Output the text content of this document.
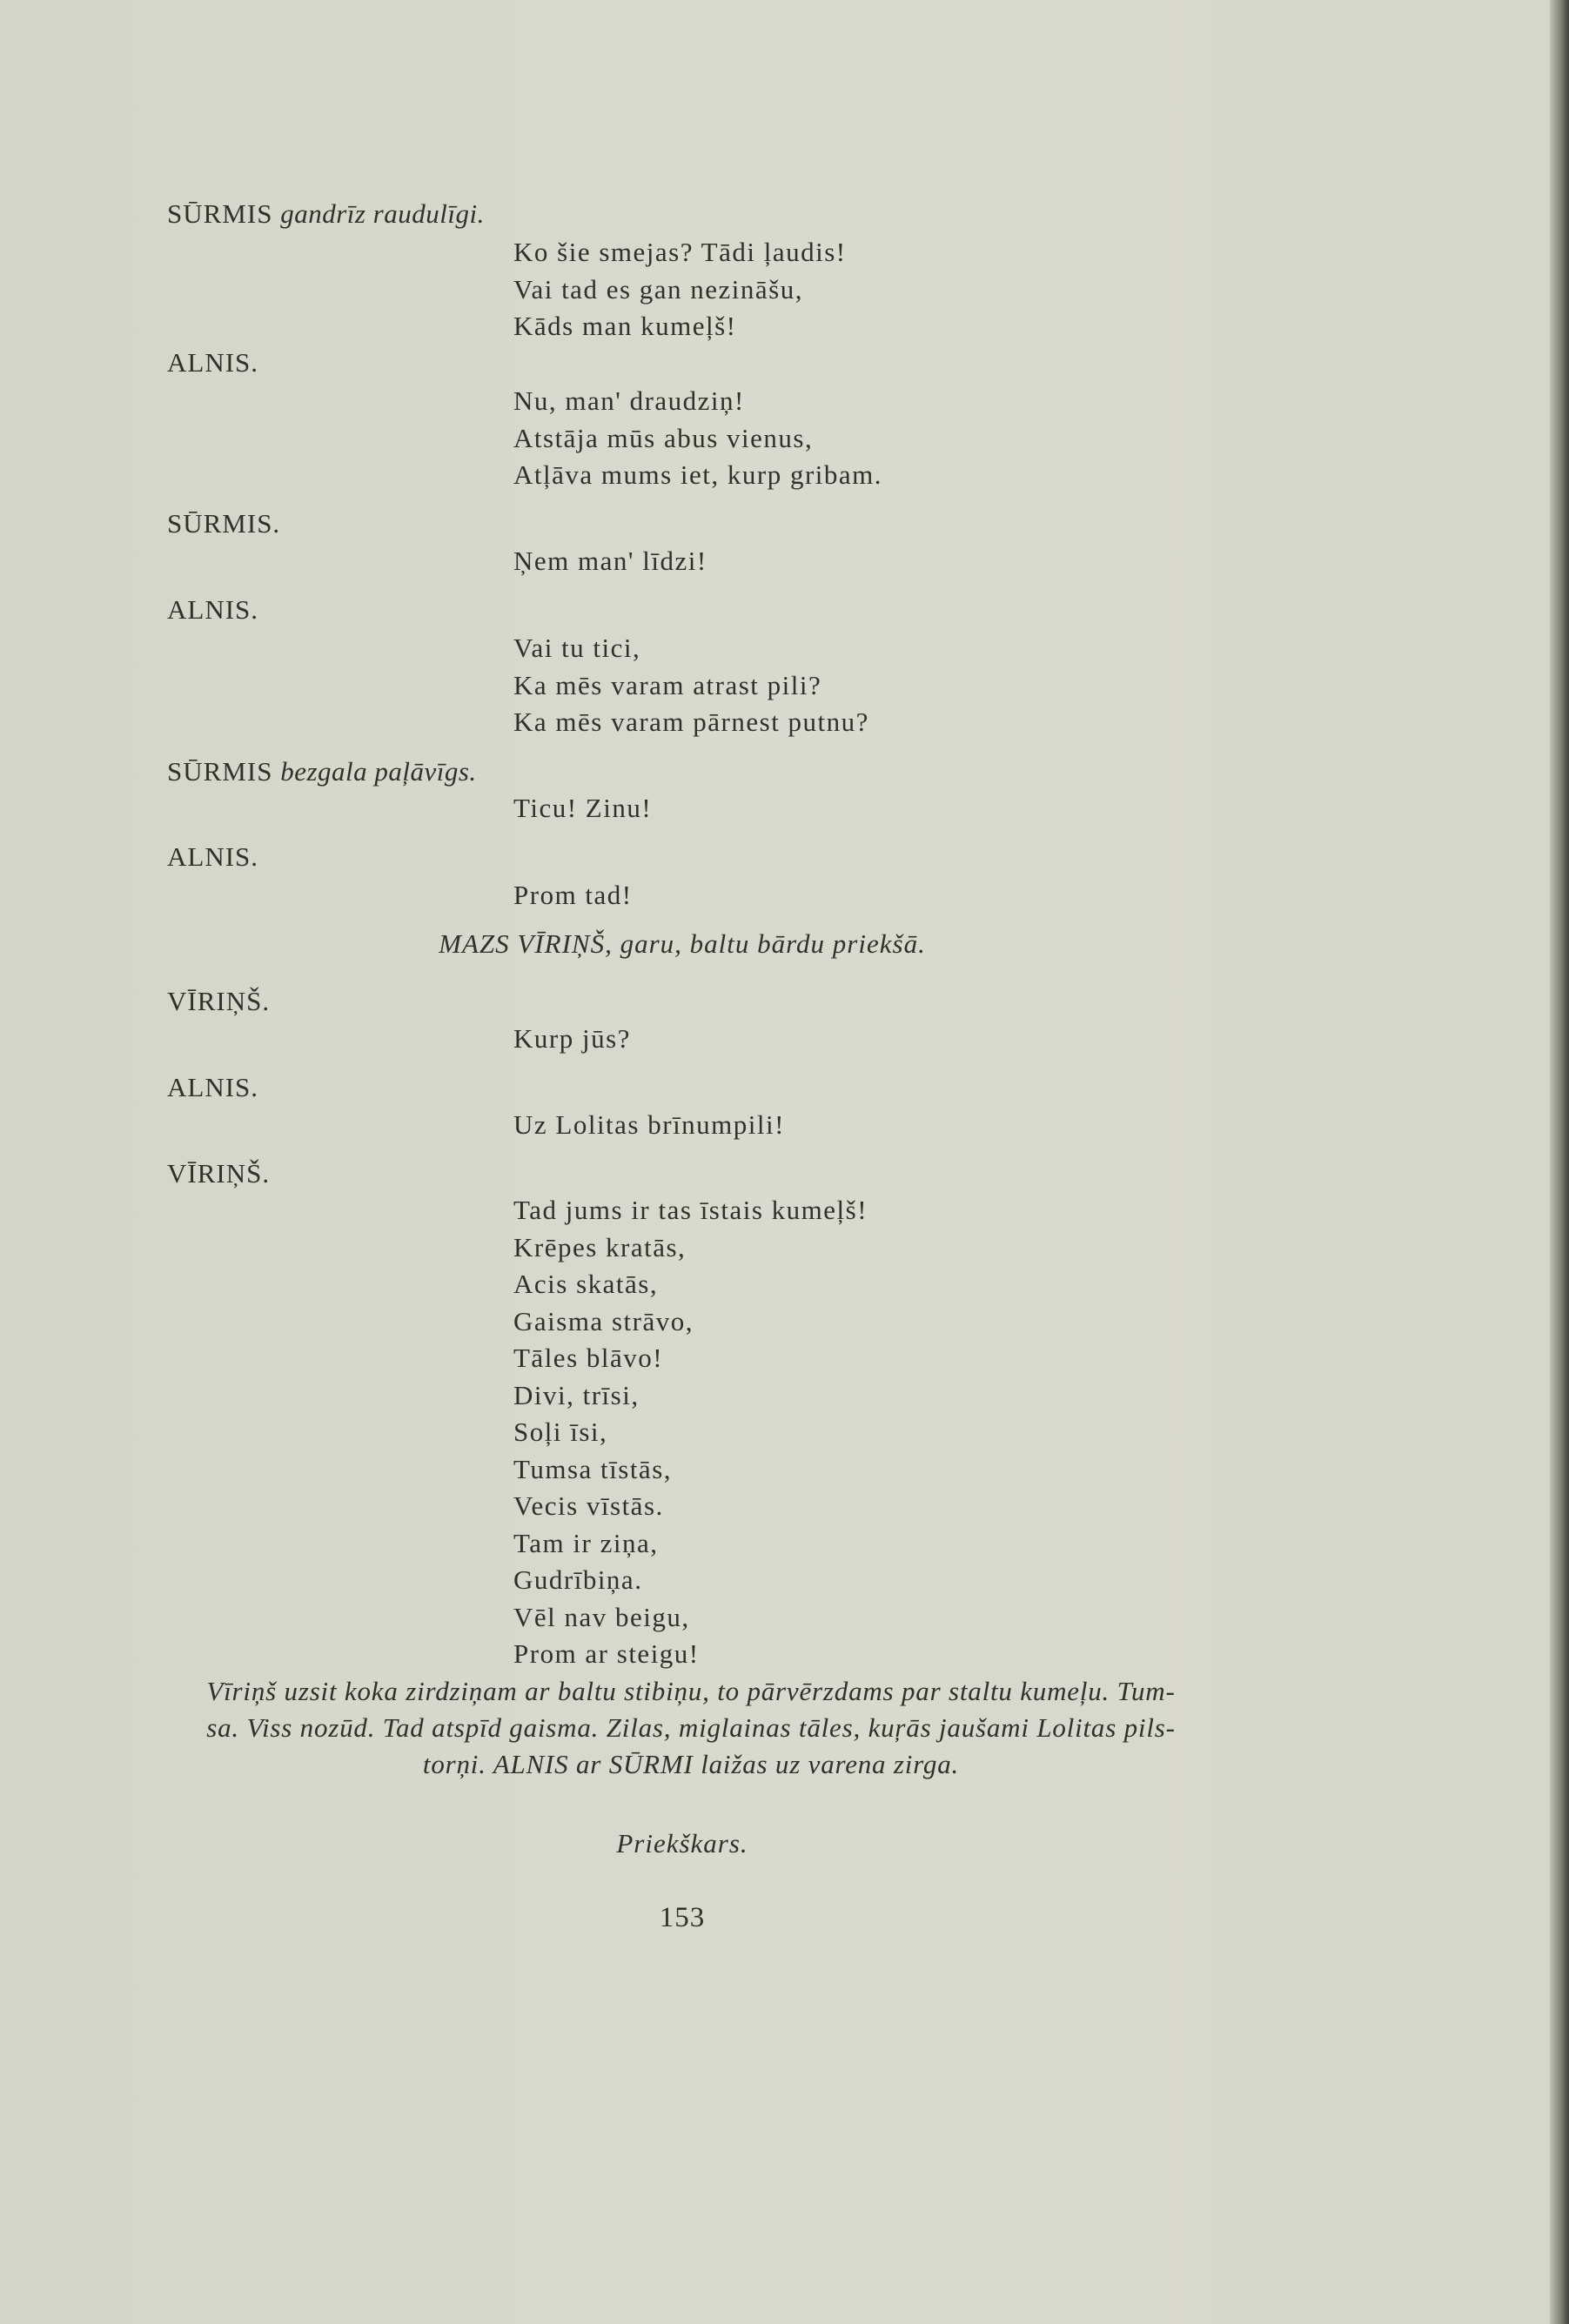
SŪRMIS gandrīz raudulīgi.

Ko šie smejas? Tādi ļaudis!

Vai tad es gan nezināšu,

Kāds man kumeļš!

ALNIS.

Nu, man' draudziņ!

Atstāja mūs abus vienus,

Atļāva mums iet, kurp gribam.

SŪRMIS.

Ņem man' līdzi!

ALNIS.

Vai tu tici,

Ka mēs varam atrast pili?

Ka mēs varam pārnest putnu?

SŪRMIS bezgala paļāvīgs.

Ticu! Zinu!

ALNIS.

Prom tad!

VĪRIŅŠ.

Kurp jūs?

ALNIS.

Uz Lolitas brīnumpili!

VĪRIŅŠ.

Tad jums ir tas īstais kumeļš!

Krēpes kratās,

Acis skatās,

Gaisma strāvo,

Tāles blāvo!

Divi, trīsi,

Soļi īsi,

Tumsa tīstās,

Vecis vīstās.

Tam ir ziņa,

Gudrībiņa.

Vēl nav beigu,

Prom ar steigu!

MAZS VĪRIŅŠ, garu, baltu bārdu priekšā.

Vīriņš uzsit koka zirdziņam ar baltu stibiņu, to pārvērzdams par staltu kumeļu. Tum-
sa. Viss nozūd. Tad atspīd gaisma. Zilas, miglainas tāles, kuŗās jaušami Lolitas pils-
torņi. ALNIS ar SŪRMI laižas uz varena zirga.

Priekškars.

153
